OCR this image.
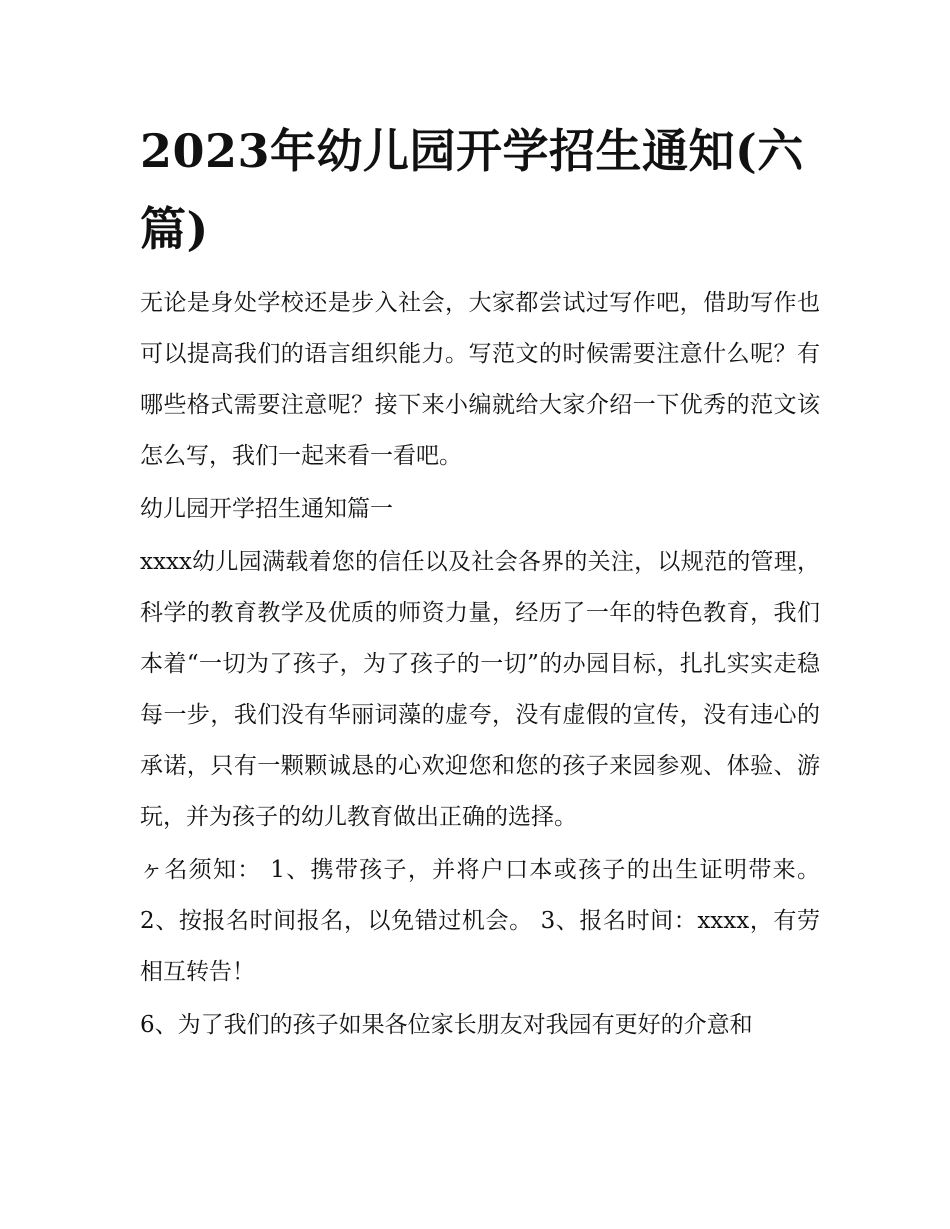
2023年幼儿园开学招生通知(六篇)

无论是身处学校还是步入社会，大家都尝试过写作吧，借助写作也可以提高我们的语言组织能力。写范文的时候需要注意什么呢？有哪些格式需要注意呢？接下来小编就给大家介绍一下优秀的范文该怎么写，我们一起来看一看吧。

幼儿园开学招生通知篇一

xxxx幼儿园满载着您的信任以及社会各界的关注，以规范的管理，科学的教育教学及优质的师资力量，经历了一年的特色教育，我们本着“一切为了孩子，为了孩子的一切”的办园目标，扎扎实实走稳每一步，我们没有华丽词藻的虚夸，没有虚假的宣传，没有违心的承诺，只有一颗颗诚恳的心欢迎您和您的孩子来园参观、体验、游玩，并为孩子的幼儿教育做出正确的选择。

ヶ名须知： 1、携带孩子，并将户口本或孩子的出生证明带来。 2、按报名时间报名，以免错过机会。 3、报名时间：xxxx，有劳相互转告！

6、为了我们的孩子如果各位家长朋友对我园有更好的介意和
